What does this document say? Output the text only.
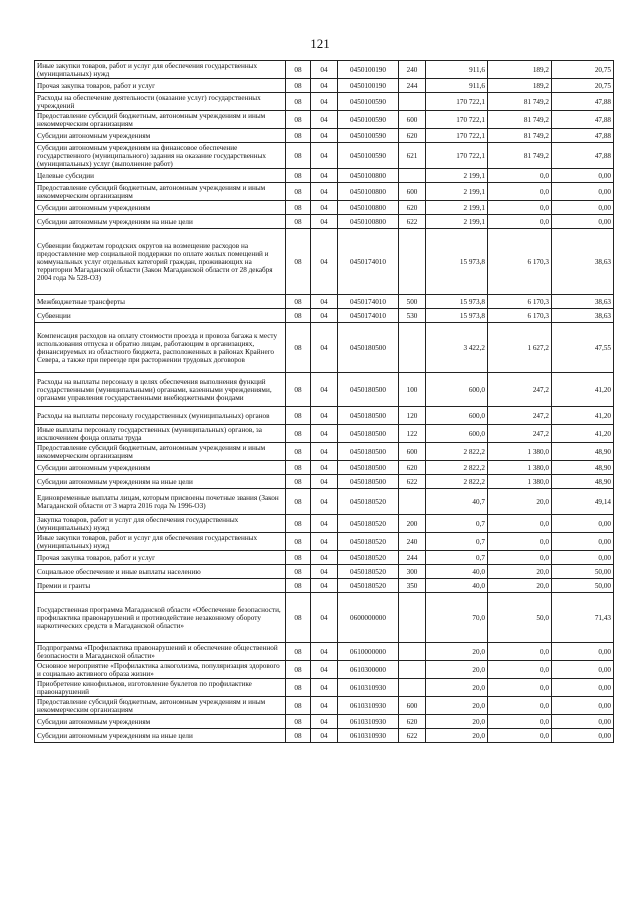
121
Иные закупки товаров, работ и услуг для обеспечения государственных (муниципальных) нужд	08	04	0450100190	240	911,6	189,2	20,75
Прочая закупка товаров, работ и услуг	08	04	0450100190	244	911,6	189,2	20,75
Расходы на обеспечение деятельности (оказание услуг) государственных учреждений	08	04	0450100590		170 722,1	81 749,2	47,88
Предоставление субсидий бюджетным, автономным учреждениям и иным некоммерческим организациям	08	04	0450100590	600	170 722,1	81 749,2	47,88
Субсидии автономным учреждениям	08	04	0450100590	620	170 722,1	81 749,2	47,88
Субсидии автономным учреждениям на финансовое обеспечение государственного (муниципального) задания на оказание государственных (муниципальных) услуг (выполнение работ)	08	04	0450100590	621	170 722,1	81 749,2	47,88
Целевые субсидии	08	04	0450100800		2 199,1	0,0	0,00
Предоставление субсидий бюджетным, автономным учреждениям и иным некоммерческим организациям	08	04	0450100800	600	2 199,1	0,0	0,00
Субсидии автономным учреждениям	08	04	0450100800	620	2 199,1	0,0	0,00
Субсидии автономным учреждениям на иные цели	08	04	0450100800	622	2 199,1	0,0	0,00
Субвенции бюджетам городских округов на возмещение расходов на предоставление мер социальной поддержки по оплате жилых помещений и коммунальных услуг отдельных категорий граждан, проживающих на территории Магаданской области (Закон Магаданской области от 28 декабря 2004 года № 528-ОЗ)	08	04	0450174010		15 973,8	6 170,3	38,63
Межбюджетные трансферты	08	04	0450174010	500	15 973,8	6 170,3	38,63
Субвенции	08	04	0450174010	530	15 973,8	6 170,3	38,63
Компенсация расходов на оплату стоимости проезда и провоза багажа к месту использования отпуска и обратно лицам, работающим в организациях, финансируемых из областного бюджета, расположенных в районах Крайнего Севера, а также при переезде при расторжении трудовых договоров	08	04	0450180500		3 422,2	1 627,2	47,55
Расходы на выплаты персоналу в целях обеспечения выполнения функций государственными (муниципальными) органами, казенными учреждениями, органами управления государственными внебюджетными фондами	08	04	0450180500	100	600,0	247,2	41,20
Расходы на выплаты персоналу государственных (муниципальных) органов	08	04	0450180500	120	600,0	247,2	41,20
Иные выплаты персоналу государственных (муниципальных) органов, за исключением фонда оплаты труда	08	04	0450180500	122	600,0	247,2	41,20
Предоставление субсидий бюджетным, автономным учреждениям и иным некоммерческим организациям	08	04	0450180500	600	2 822,2	1 380,0	48,90
Субсидии автономным учреждениям	08	04	0450180500	620	2 822,2	1 380,0	48,90
Субсидии автономным учреждениям на иные цели	08	04	0450180500	622	2 822,2	1 380,0	48,90
Единовременные выплаты лицам, которым присвоены почетные звания (Закон Магаданской области от 3 марта 2016 года № 1996-ОЗ)	08	04	0450180520		40,7	20,0	49,14
Закупка товаров, работ и услуг для обеспечения государственных (муниципальных) нужд	08	04	0450180520	200	0,7	0,0	0,00
Иные закупки товаров, работ и услуг для обеспечения государственных (муниципальных) нужд	08	04	0450180520	240	0,7	0,0	0,00
Прочая закупка товаров, работ и услуг	08	04	0450180520	244	0,7	0,0	0,00
Социальное обеспечение и иные выплаты населению	08	04	0450180520	300	40,0	20,0	50,00
Премии и гранты	08	04	0450180520	350	40,0	20,0	50,00
Государственная программа Магаданской области «Обеспечение безопасности, профилактика правонарушений и противодействие незаконному обороту наркотических средств в Магаданской области»	08	04	0600000000		70,0	50,0	71,43
Подпрограмма «Профилактика правонарушений и обеспечение общественной безопасности в Магаданской области»	08	04	0610000000		20,0	0,0	0,00
Основное мероприятие «Профилактика алкоголизма, популяризация здорового и социально активного образа жизни»	08	04	0610300000		20,0	0,0	0,00
Приобретение кинофильмов, изготовление буклетов по профилактике правонарушений	08	04	0610310930		20,0	0,0	0,00
Предоставление субсидий бюджетным, автономным учреждениям и иным некоммерческим организациям	08	04	0610310930	600	20,0	0,0	0,00
Субсидии автономным учреждениям	08	04	0610310930	620	20,0	0,0	0,00
Субсидии автономным учреждениям на иные цели	08	04	0610310930	622	20,0	0,0	0,00
